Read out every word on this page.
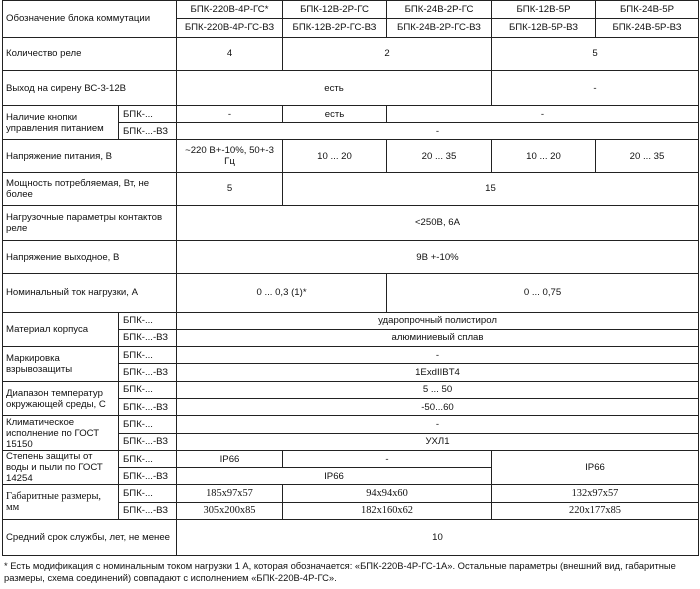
Обозначение блока коммутации		БПК-220В-4Р-ГС*	БПК-12В-2Р-ГС	БПК-24В-2Р-ГС	БПК-12В-5Р	БПК-24В-5Р
		БПК-220В-4Р-ГС-ВЗ	БПК-12В-2Р-ГС-ВЗ	БПК-24В-2Р-ГС-ВЗ	БПК-12В-5Р-ВЗ	БПК-24В-5Р-ВЗ
Количество реле		4	2		5	
Выход на сирену ВС-3-12В		есть			-	
Наличие кнопки управления питанием	БПК-...	-	есть	-		
	БПК-...-ВЗ	-				
Напряжение питания, В		~220 В+-10%, 50+-3 Гц	10 ... 20	20 ... 35	10 ... 20	20 ... 35
Мощность потребляемая, Вт, не более		5	15			
Нагрузочные параметры контактов реле		<250В, 6А				
Напряжение выходное, В		9В +-10%				
Номинальный ток нагрузки, А		0 ... 0,3 (1)*		0 ... 0,75		
Материал корпуса	БПК-...	ударопрочный полистирол				
	БПК-...-ВЗ	алюминиевый сплав				
Маркировка взрывозащиты	БПК-...	-				
	БПК-...-ВЗ	1ExdIIBT4				
Диапазон температур окружающей среды, С	БПК-...	5 ... 50				
	БПК-...-ВЗ	-50...60				
Климатическое исполнение по ГОСТ 15150	БПК-...	-				
	БПК-...-ВЗ	УХЛ1				
Степень защиты от воды и пыли по ГОСТ 14254	БПК-...	IP66	-		IP66	
	БПК-...-ВЗ	IP66				
Габаритные размеры, мм	БПК-...	185x97x57	94x94x60		132x97x57	
	БПК-...-ВЗ	305x200x85	182x160x62		220x177x85	
Средний срок службы, лет, не менее		10				
* Есть модификация с номинальным током нагрузки 1 А, которая обозначается: «БПК-220В-4Р-ГС-1А». Остальные параметры (внешний вид, габаритные размеры, схема соединений) совпадают с исполнением «БПК-220В-4Р-ГС».
